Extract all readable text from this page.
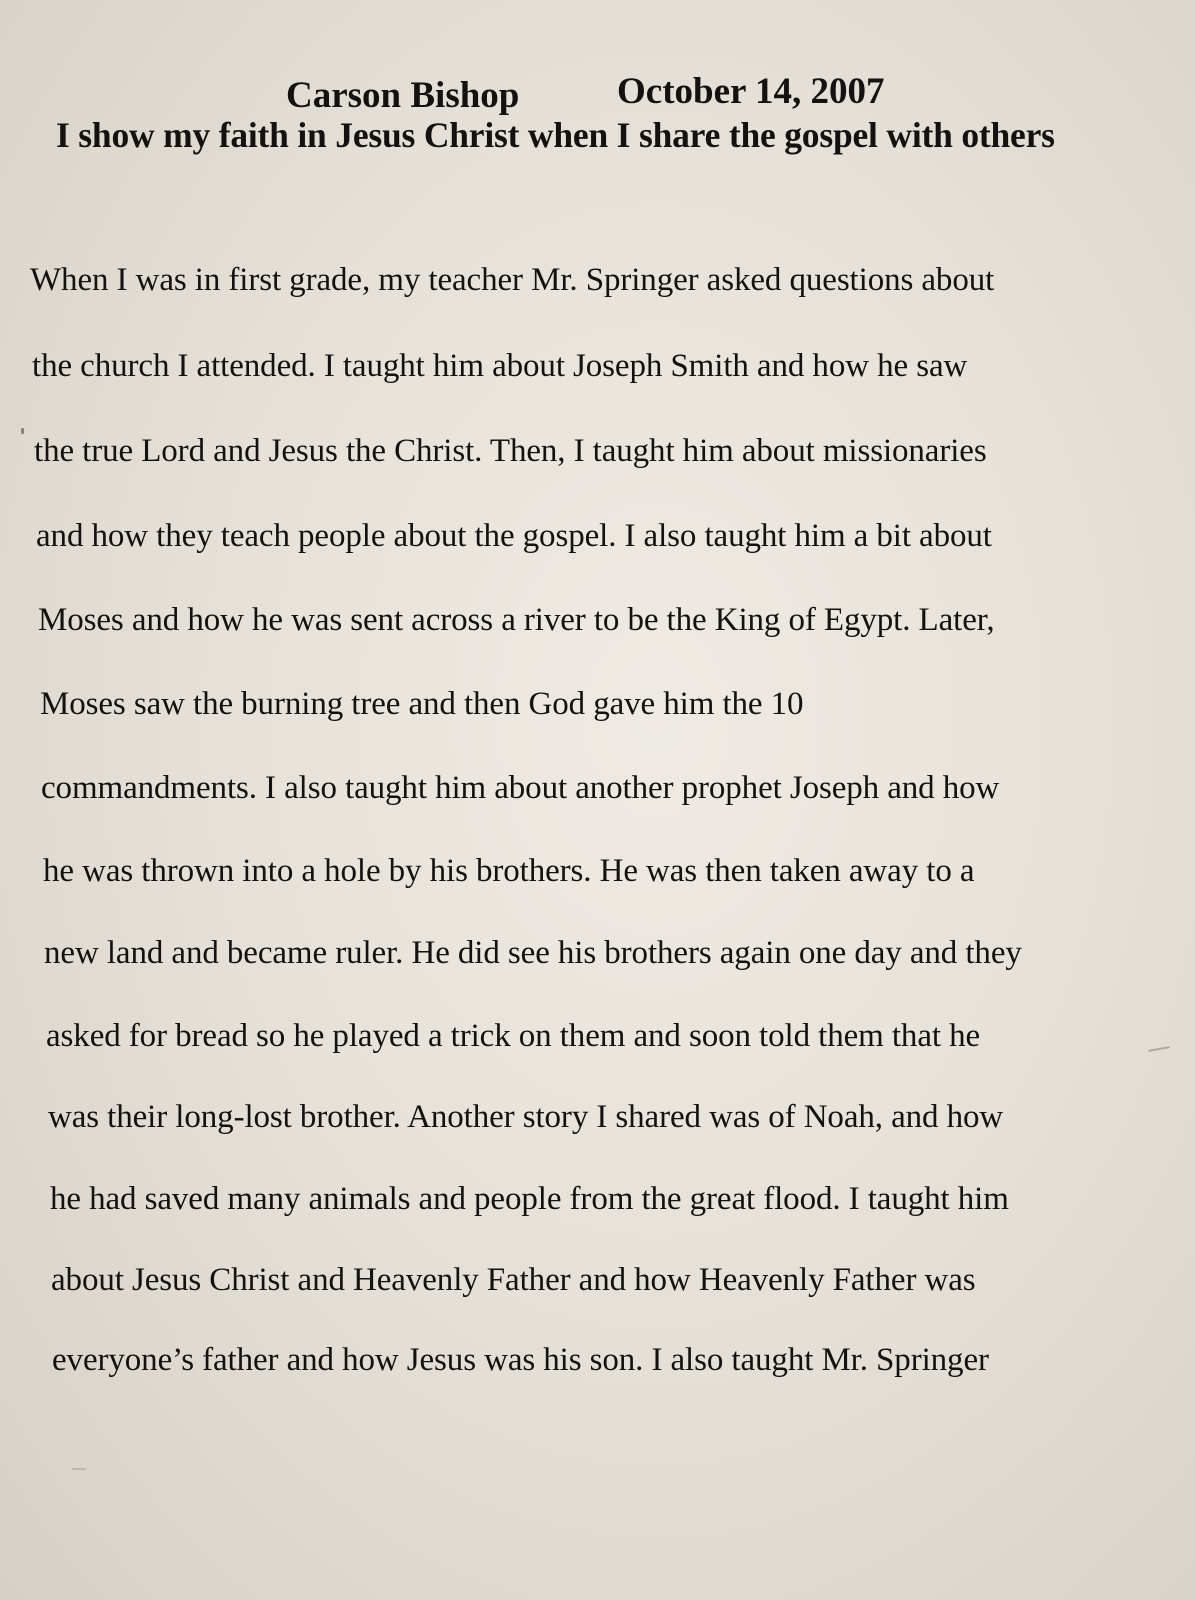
Carson Bishop	October 14, 2007
I show my faith in Jesus Christ when I share the gospel with others
When I was in first grade, my teacher Mr. Springer asked questions about
the church I attended. I taught him about Joseph Smith and how he saw
the true Lord and Jesus the Christ. Then, I taught him about missionaries
and how they teach people about the gospel. I also taught him a bit about
Moses and how he was sent across a river to be the King of Egypt. Later,
Moses saw the burning tree and then God gave him the 10
commandments. I also taught him about another prophet Joseph and how
he was thrown into a hole by his brothers. He was then taken away to a
new land and became ruler. He did see his brothers again one day and they
asked for bread so he played a trick on them and soon told them that he
was their long-lost brother. Another story I shared was of Noah, and how
he had saved many animals and people from the great flood. I taught him
about Jesus Christ and Heavenly Father and how Heavenly Father was
everyone’s father and how Jesus was his son. I also taught Mr. Springer
